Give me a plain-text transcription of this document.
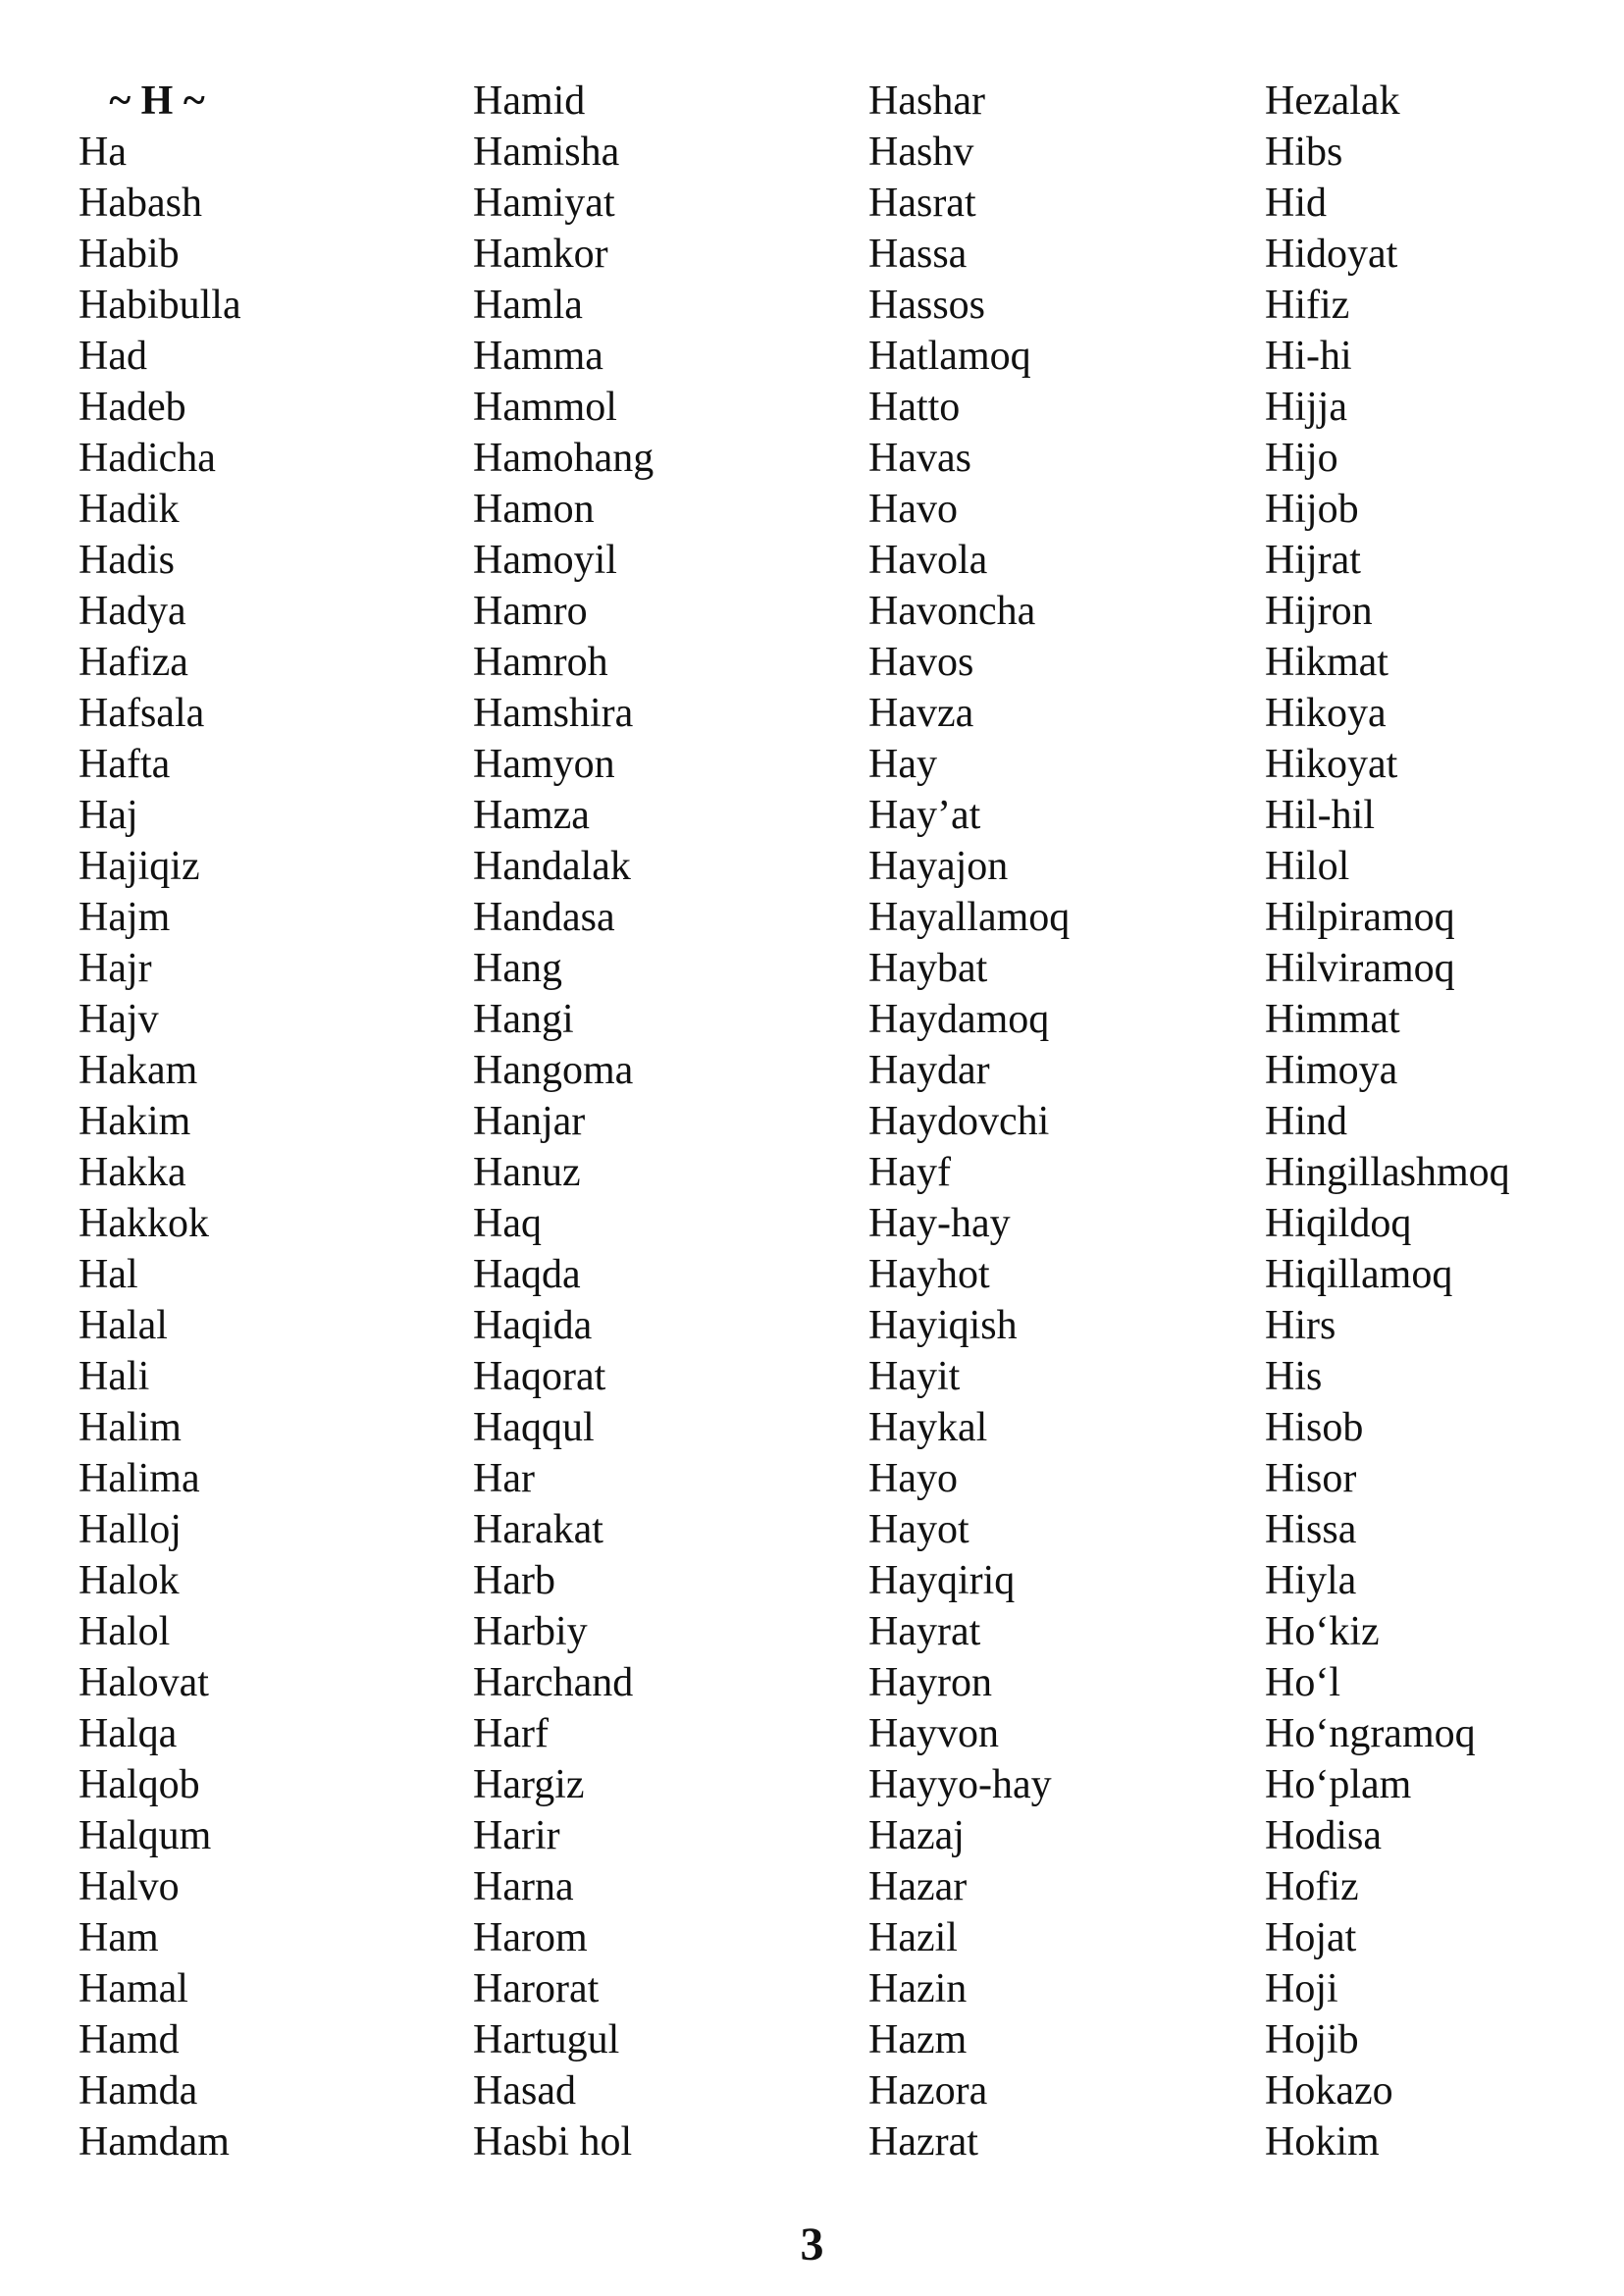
~ H ~
Ha
Habash
Habib
Habibulla
Had
Hadeb
Hadicha
Hadik
Hadis
Hadya
Hafiza
Hafsala
Hafta
Haj
Hajiqiz
Hajm
Hajr
Hajv
Hakam
Hakim
Hakka
Hakkok
Hal
Halal
Hali
Halim
Halima
Halloj
Halok
Halol
Halovat
Halqa
Halqob
Halqum
Halvo
Ham
Hamal
Hamd
Hamda
Hamdam
Hamid
Hamisha
Hamiyat
Hamkor
Hamla
Hamma
Hammol
Hamohang
Hamon
Hamoyil
Hamro
Hamroh
Hamshira
Hamyon
Hamza
Handalak
Handasa
Hang
Hangi
Hangoma
Hanjar
Hanuz
Haq
Haqda
Haqida
Haqorat
Haqqul
Har
Harakat
Harb
Harbiy
Harchand
Harf
Hargiz
Harir
Harna
Harom
Harorat
Hartugul
Hasad
Hasbi hol
Hashar
Hashv
Hasrat
Hassa
Hassos
Hatlamoq
Hatto
Havas
Havo
Havola
Havoncha
Havos
Havza
Hay
Hay’at
Hayajon
Hayallamoq
Haybat
Haydamoq
Haydar
Haydovchi
Hayf
Hay-hay
Hayhot
Hayiqish
Hayit
Haykal
Hayo
Hayot
Hayqiriq
Hayrat
Hayron
Hayvon
Hayyo-hay
Hazaj
Hazar
Hazil
Hazin
Hazm
Hazora
Hazrat
Hezalak
Hibs
Hid
Hidoyat
Hifiz
Hi-hi
Hijja
Hijo
Hijob
Hijrat
Hijron
Hikmat
Hikoya
Hikoyat
Hil-hil
Hilol
Hilpiramoq
Hilviramoq
Himmat
Himoya
Hind
Hingillashmoq
Hiqildoq
Hiqillamoq
Hirs
His
Hisob
Hisor
Hissa
Hiyla
Ho‘kiz
Ho‘l
Ho‘ngramoq
Ho‘plam
Hodisa
Hofiz
Hojat
Hoji
Hojib
Hokazo
Hokim
3
